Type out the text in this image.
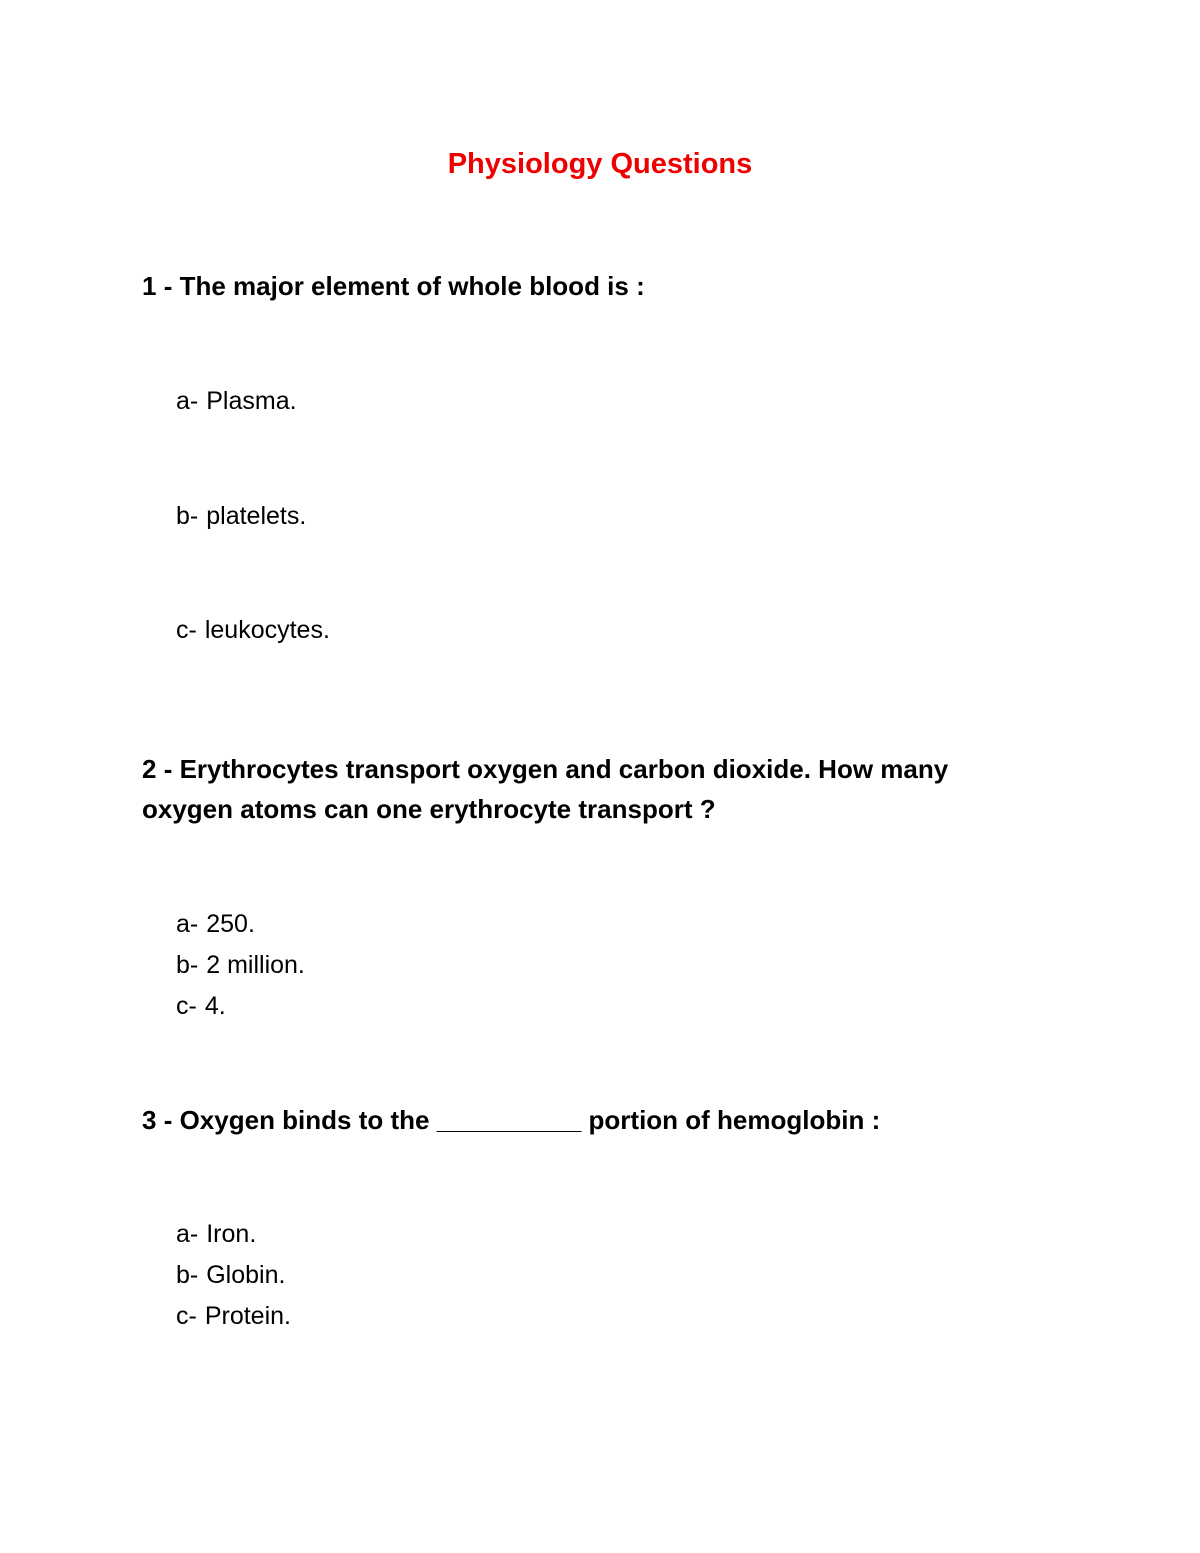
Physiology Questions

1 - The major element of whole blood is :

a- Plasma.

b- platelets.

c- leukocytes.

2 - Erythrocytes transport oxygen and carbon dioxide. How many oxygen atoms can one erythrocyte transport ?

a- 250.

b- 2 million.

c- 4.

3 - Oxygen binds to the __________ portion of hemoglobin :

a- Iron.

b- Globin.

c- Protein.
